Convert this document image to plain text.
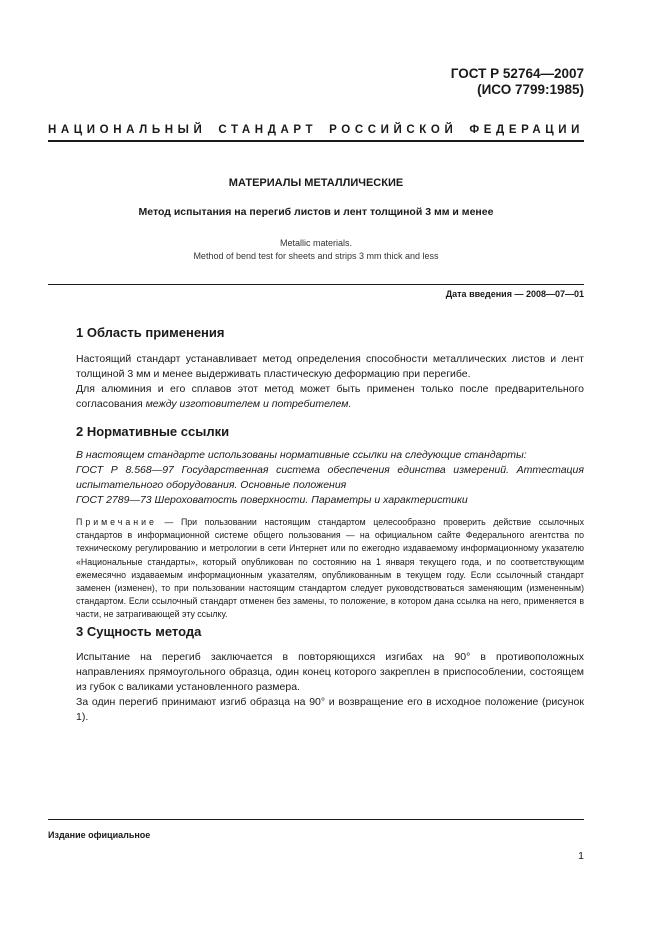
ГОСТ Р 52764—2007
(ИСО 7799:1985)
НАЦИОНАЛЬНЫЙ СТАНДАРТ РОССИЙСКОЙ ФЕДЕРАЦИИ
МАТЕРИАЛЫ МЕТАЛЛИЧЕСКИЕ
Метод испытания на перегиб листов и лент толщиной 3 мм и менее
Metallic materials.
Method of bend test for sheets and strips 3 mm thick and less
Дата введения — 2008—07—01
1 Область применения

Настоящий стандарт устанавливает метод определения способности металлических листов и лент толщиной 3 мм и менее выдерживать пластическую деформацию при перегибе.

Для алюминия и его сплавов этот метод может быть применен только после предварительного согласования между изготовителем и потребителем.

2 Нормативные ссылки

В настоящем стандарте использованы нормативные ссылки на следующие стандарты:

ГОСТ Р 8.568—97 Государственная система обеспечения единства измерений. Аттестация испытательного оборудования. Основные положения

ГОСТ 2789—73 Шероховатость поверхности. Параметры и характеристики

Примечание — При пользовании настоящим стандартом целесообразно проверить действие ссылочных стандартов в информационной системе общего пользования — на официальном сайте Федерального агентства по техническому регулированию и метрологии в сети Интернет или по ежегодно издаваемому информационному указателю «Национальные стандарты», который опубликован по состоянию на 1 января текущего года, и по соответствующим ежемесячно издаваемым информационным указателям, опубликованным в текущем году. Если ссылочный стандарт заменен (изменен), то при пользовании настоящим стандартом следует руководствоваться заменяющим (измененным) стандартом. Если ссылочный стандарт отменен без замены, то положение, в котором дана ссылка на него, применяется в части, не затрагивающей эту ссылку.

3 Сущность метода

Испытание на перегиб заключается в повторяющихся изгибах на 90° в противоположных направлениях прямоугольного образца, один конец которого закреплен в приспособлении, состоящем из губок с валиками установленного размера.

За один перегиб принимают изгиб образца на 90° и возвращение его в исходное положение (рисунок 1).

Издание официальное
1
